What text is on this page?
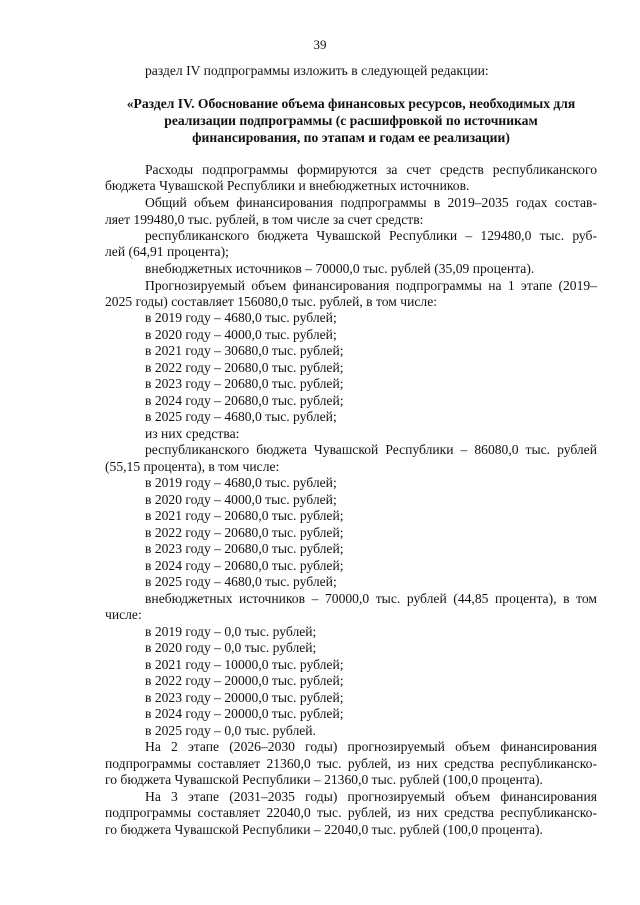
39
раздел IV подпрограммы изложить в следующей редакции:
«Раздел IV. Обоснование объема финансовых ресурсов, необходимых для
реализации подпрограммы (с расшифровкой по источникам
финансирования, по этапам и годам ее реализации)
Расходы подпрограммы формируются за счет средств республиканского
бюджета Чувашской Республики и внебюджетных источников.
Общий объем финансирования подпрограммы в 2019–2035 годах состав-
ляет 199480,0 тыс. рублей, в том числе за счет средств:
республиканского бюджета Чувашской Республики – 129480,0 тыс. руб-
лей (64,91 процента);
внебюджетных источников – 70000,0 тыс. рублей (35,09 процента).
Прогнозируемый объем финансирования подпрограммы на 1 этапе (2019–
2025 годы) составляет 156080,0 тыс. рублей, в том числе:
в 2019 году – 4680,0 тыс. рублей;
в 2020 году – 4000,0 тыс. рублей;
в 2021 году – 30680,0 тыс. рублей;
в 2022 году – 20680,0 тыс. рублей;
в 2023 году – 20680,0 тыс. рублей;
в 2024 году – 20680,0 тыс. рублей;
в 2025 году – 4680,0 тыс. рублей;
из них средства:
республиканского бюджета Чувашской Республики – 86080,0 тыс. рублей
(55,15 процента), в том числе:
в 2019 году – 4680,0 тыс. рублей;
в 2020 году – 4000,0 тыс. рублей;
в 2021 году – 20680,0 тыс. рублей;
в 2022 году – 20680,0 тыс. рублей;
в 2023 году – 20680,0 тыс. рублей;
в 2024 году – 20680,0 тыс. рублей;
в 2025 году – 4680,0 тыс. рублей;
внебюджетных источников – 70000,0 тыс. рублей (44,85 процента), в том
числе:
в 2019 году – 0,0 тыс. рублей;
в 2020 году – 0,0 тыс. рублей;
в 2021 году – 10000,0 тыс. рублей;
в 2022 году – 20000,0 тыс. рублей;
в 2023 году – 20000,0 тыс. рублей;
в 2024 году – 20000,0 тыс. рублей;
в 2025 году – 0,0 тыс. рублей.
На 2 этапе (2026–2030 годы) прогнозируемый объем финансирования
подпрограммы составляет 21360,0 тыс. рублей, из них средства республиканско-
го бюджета Чувашской Республики – 21360,0 тыс. рублей (100,0 процента).
На 3 этапе (2031–2035 годы) прогнозируемый объем финансирования
подпрограммы составляет 22040,0 тыс. рублей, из них средства республиканско-
го бюджета Чувашской Республики – 22040,0 тыс. рублей (100,0 процента).
